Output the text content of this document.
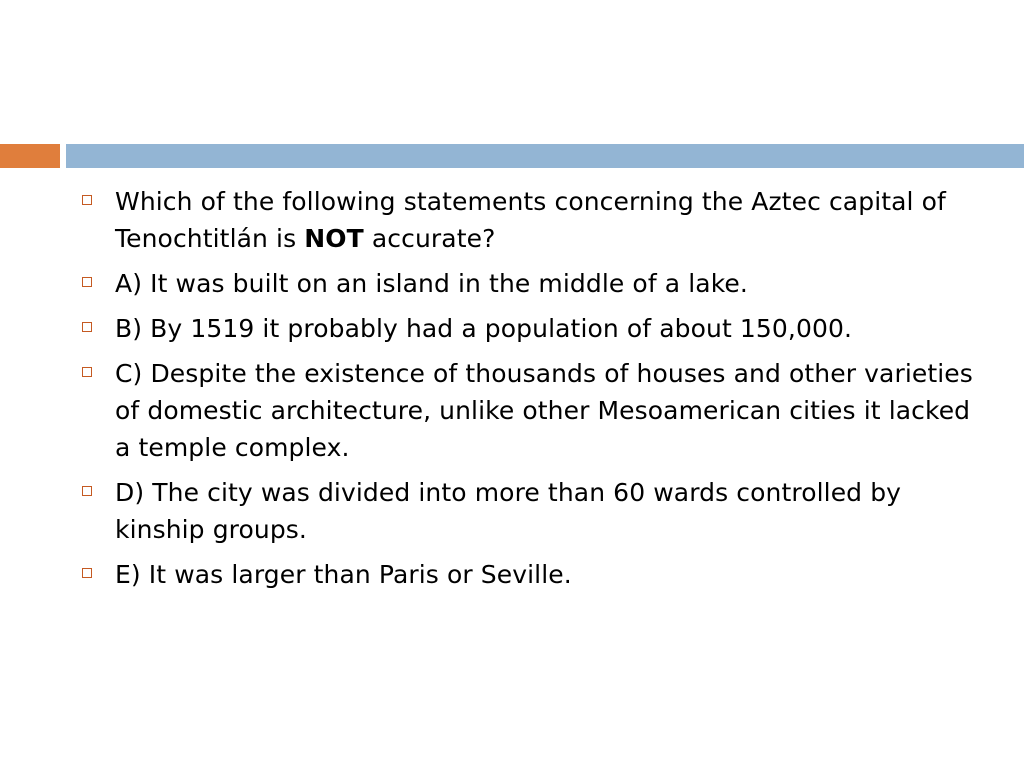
Which of the following statements concerning the Aztec capital of Tenochtitlán is NOT accurate?
A) It was built on an island in the middle of a lake.
B) By 1519 it probably had a population of about 150,000.
C) Despite the existence of thousands of houses and other varieties of domestic architecture, unlike other Mesoamerican cities it lacked a temple complex.
D) The city was divided into more than 60 wards controlled by kinship groups.
E) It was larger than Paris or Seville.
